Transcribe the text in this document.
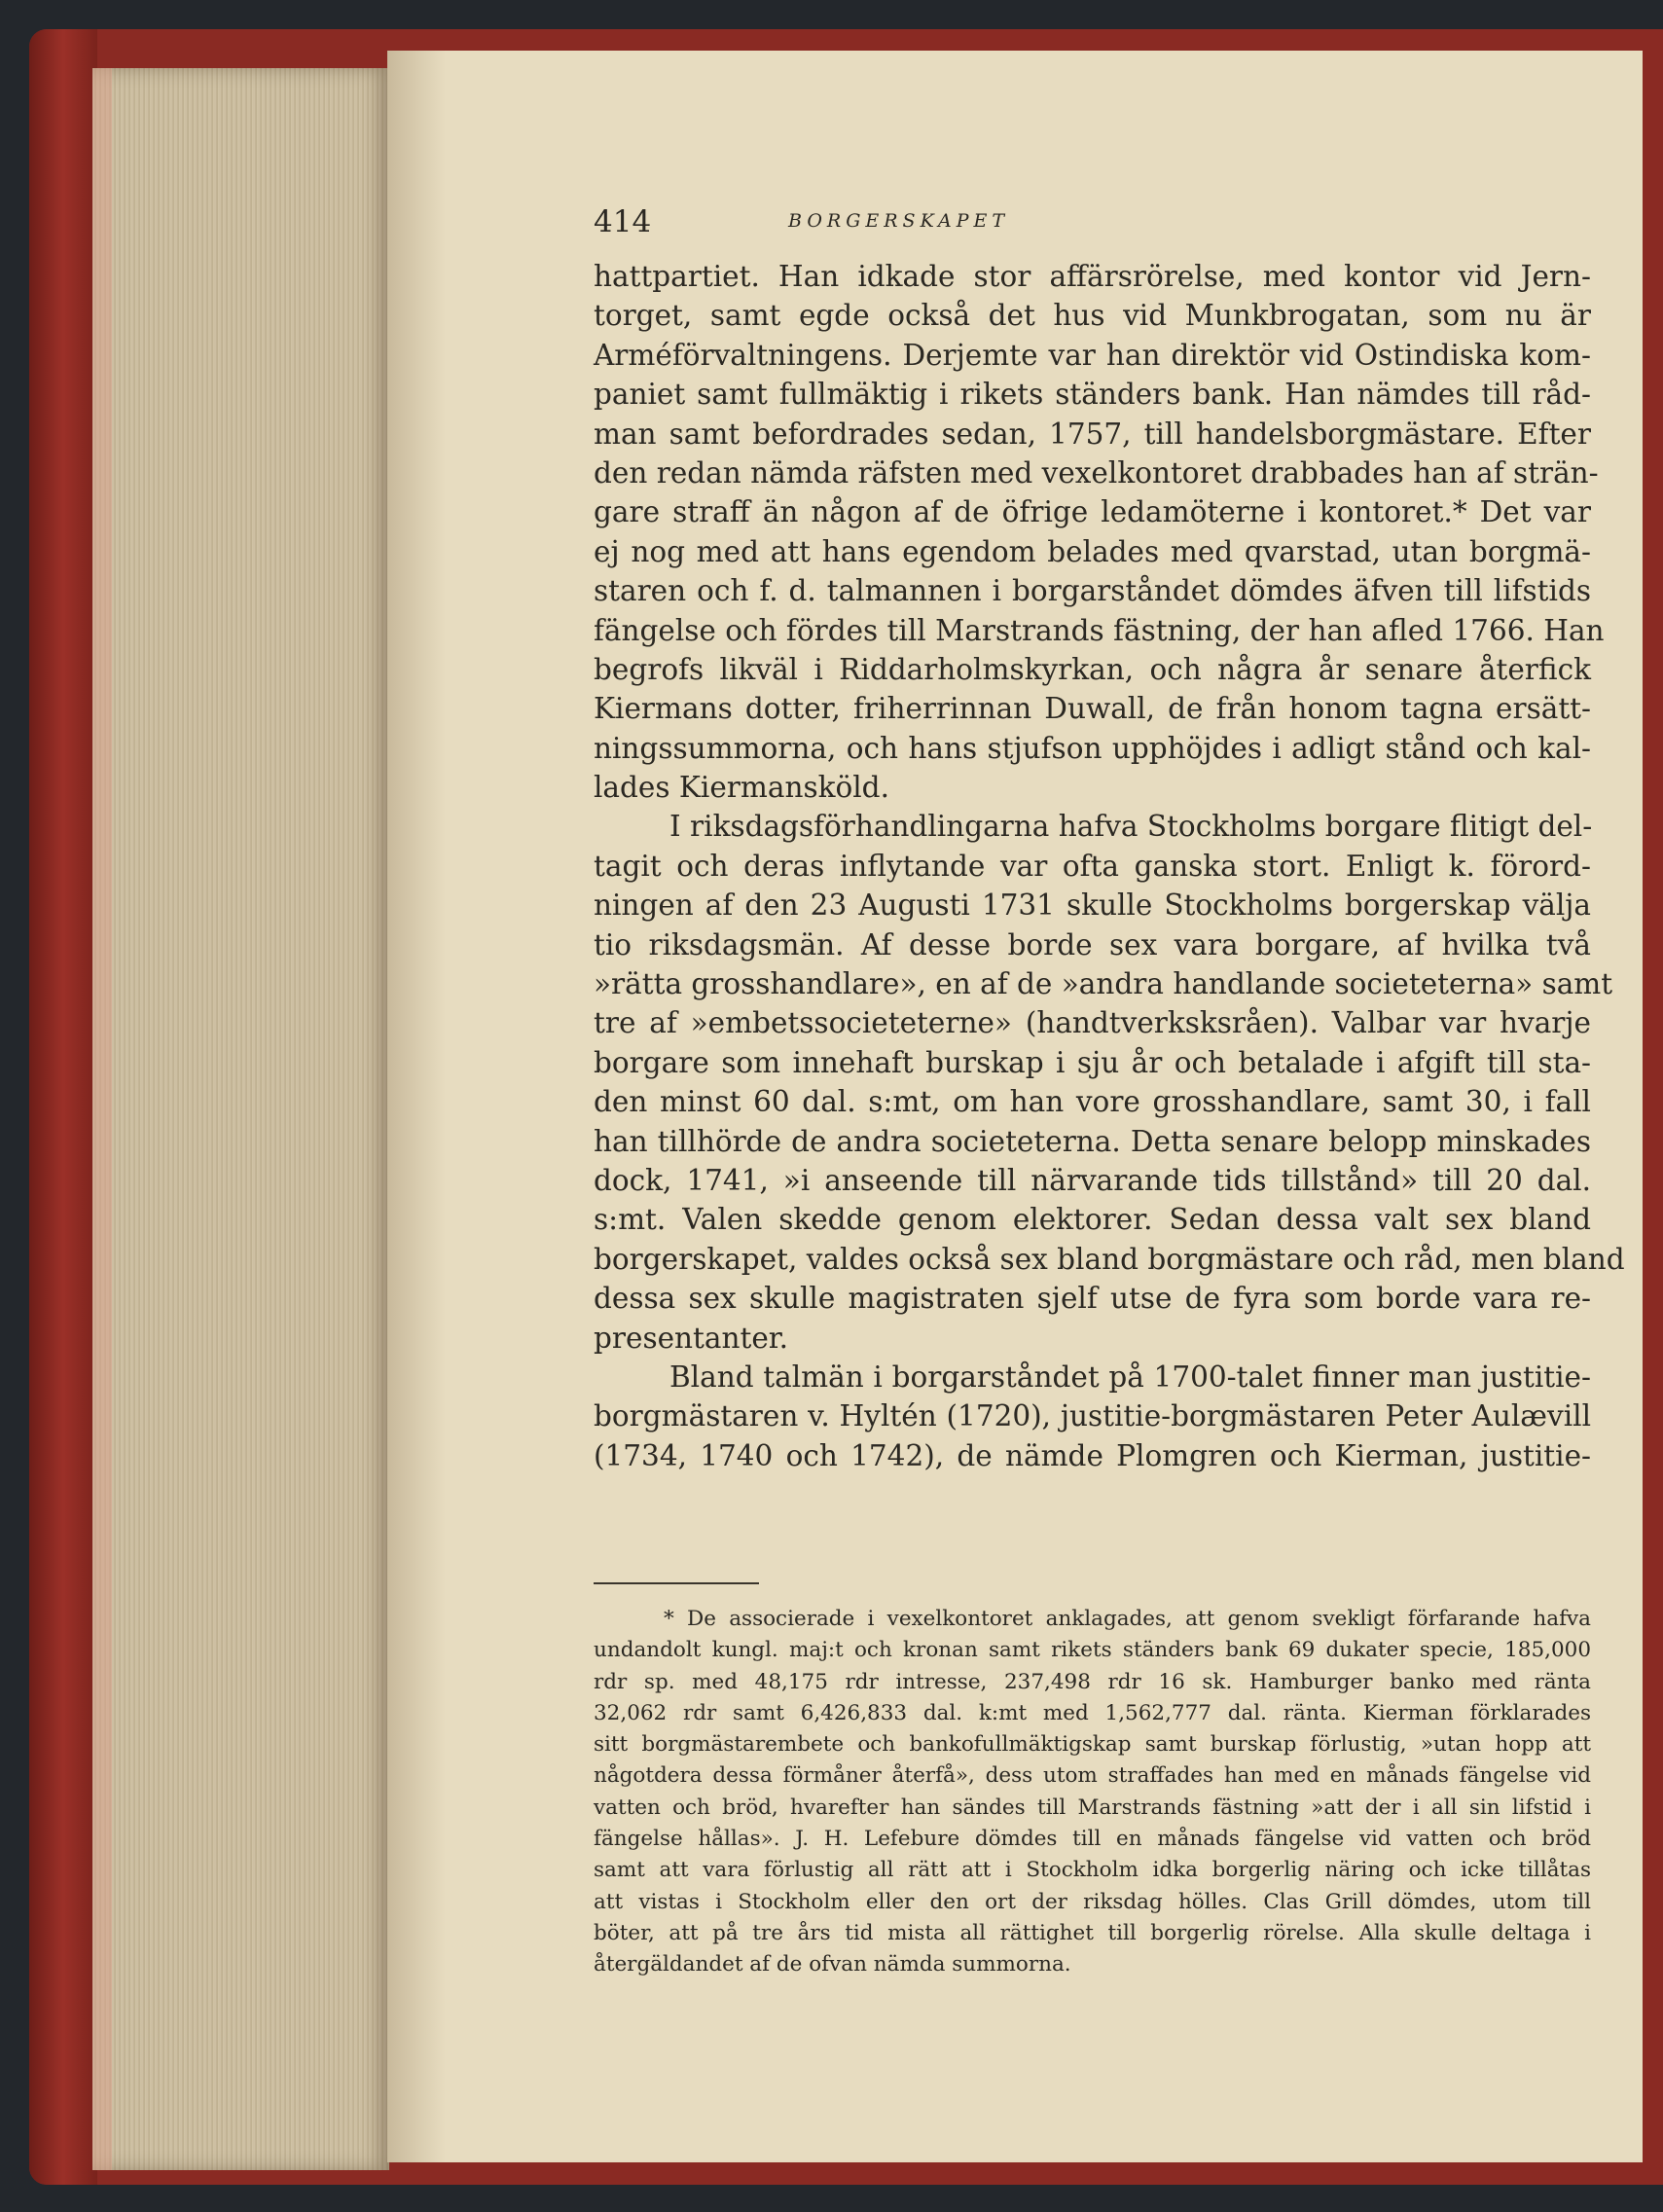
414	BORGERSKAPET
hattpartiet. Han idkade stor affärsrörelse, med kontor vid Jern-
torget, samt egde också det hus vid Munkbrogatan, som nu är
Arméförvaltningens. Derjemte var han direktör vid Ostindiska kom-
paniet samt fullmäktig i rikets ständers bank. Han nämdes till råd-
man samt befordrades sedan, 1757, till handelsborgmästare. Efter
den redan nämda räfsten med vexelkontoret drabbades han af strän-
gare straff än någon af de öfrige ledamöterne i kontoret.* Det var
ej nog med att hans egendom belades med qvarstad, utan borgmä-
staren och f. d. talmannen i borgarståndet dömdes äfven till lifstids
fängelse och fördes till Marstrands fästning, der han afled 1766. Han
begrofs likväl i Riddarholmskyrkan, och några år senare återfick
Kiermans dotter, friherrinnan Duwall, de från honom tagna ersätt-
ningssummorna, och hans stjufson upphöjdes i adligt stånd och kal-
lades Kiermansköld.
I riksdagsförhandlingarna hafva Stockholms borgare flitigt del-
tagit och deras inflytande var ofta ganska stort. Enligt k. förord-
ningen af den 23 Augusti 1731 skulle Stockholms borgerskap välja
tio riksdagsmän. Af desse borde sex vara borgare, af hvilka två
»rätta grosshandlare», en af de »andra handlande societeterna» samt
tre af »embetssocieteterne» (handtverksksråen). Valbar var hvarje
borgare som innehaft burskap i sju år och betalade i afgift till sta-
den minst 60 dal. s:mt, om han vore grosshandlare, samt 30, i fall
han tillhörde de andra societeterna. Detta senare belopp minskades
dock, 1741, »i anseende till närvarande tids tillstånd» till 20 dal.
s:mt. Valen skedde genom elektorer. Sedan dessa valt sex bland
borgerskapet, valdes också sex bland borgmästare och råd, men bland
dessa sex skulle magistraten sjelf utse de fyra som borde vara re-
presentanter.
Bland talmän i borgarståndet på 1700-talet finner man justitie-
borgmästaren v. Hyltén (1720), justitie-borgmästaren Peter Aulævill
(1734, 1740 och 1742), de nämde Plomgren och Kierman, justitie-
* De associerade i vexelkontoret anklagades, att genom svekligt förfarande hafva
undandolt kungl. maj:t och kronan samt rikets ständers bank 69 dukater specie, 185,000
rdr sp. med 48,175 rdr intresse, 237,498 rdr 16 sk. Hamburger banko med ränta
32,062 rdr samt 6,426,833 dal. k:mt med 1,562,777 dal. ränta. Kierman förklarades
sitt borgmästarembete och bankofullmäktigskap samt burskap förlustig, »utan hopp att
någotdera dessa förmåner återfå», dess utom straffades han med en månads fängelse vid
vatten och bröd, hvarefter han sändes till Marstrands fästning »att der i all sin lifstid i
fängelse hållas». J. H. Lefebure dömdes till en månads fängelse vid vatten och bröd
samt att vara förlustig all rätt att i Stockholm idka borgerlig näring och icke tillåtas
att vistas i Stockholm eller den ort der riksdag hölles. Clas Grill dömdes, utom till
böter, att på tre års tid mista all rättighet till borgerlig rörelse. Alla skulle deltaga i
återgäldandet af de ofvan nämda summorna.
